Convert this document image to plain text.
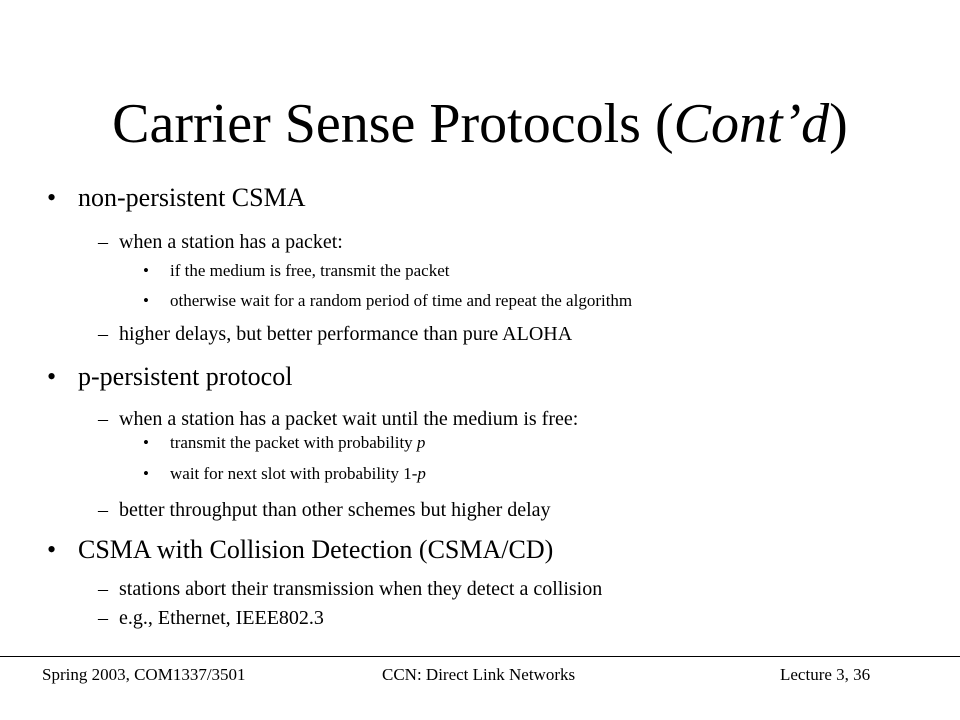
Carrier Sense Protocols (Cont’d)
• non-persistent CSMA
– when a station has a packet:
• if the medium is free, transmit the packet
• otherwise wait for a random period of time and repeat the algorithm
– higher delays, but better performance than pure ALOHA
• p-persistent protocol
– when a station has a packet wait until the medium is free:
• transmit the packet with probability p
• wait for next slot with probability 1-p
– better throughput than other schemes but higher delay
• CSMA with Collision Detection (CSMA/CD)
– stations abort their transmission when they detect a collision
– e.g., Ethernet, IEEE802.3
Spring 2003, COM1337/3501	CCN: Direct Link Networks	Lecture 3, 36
